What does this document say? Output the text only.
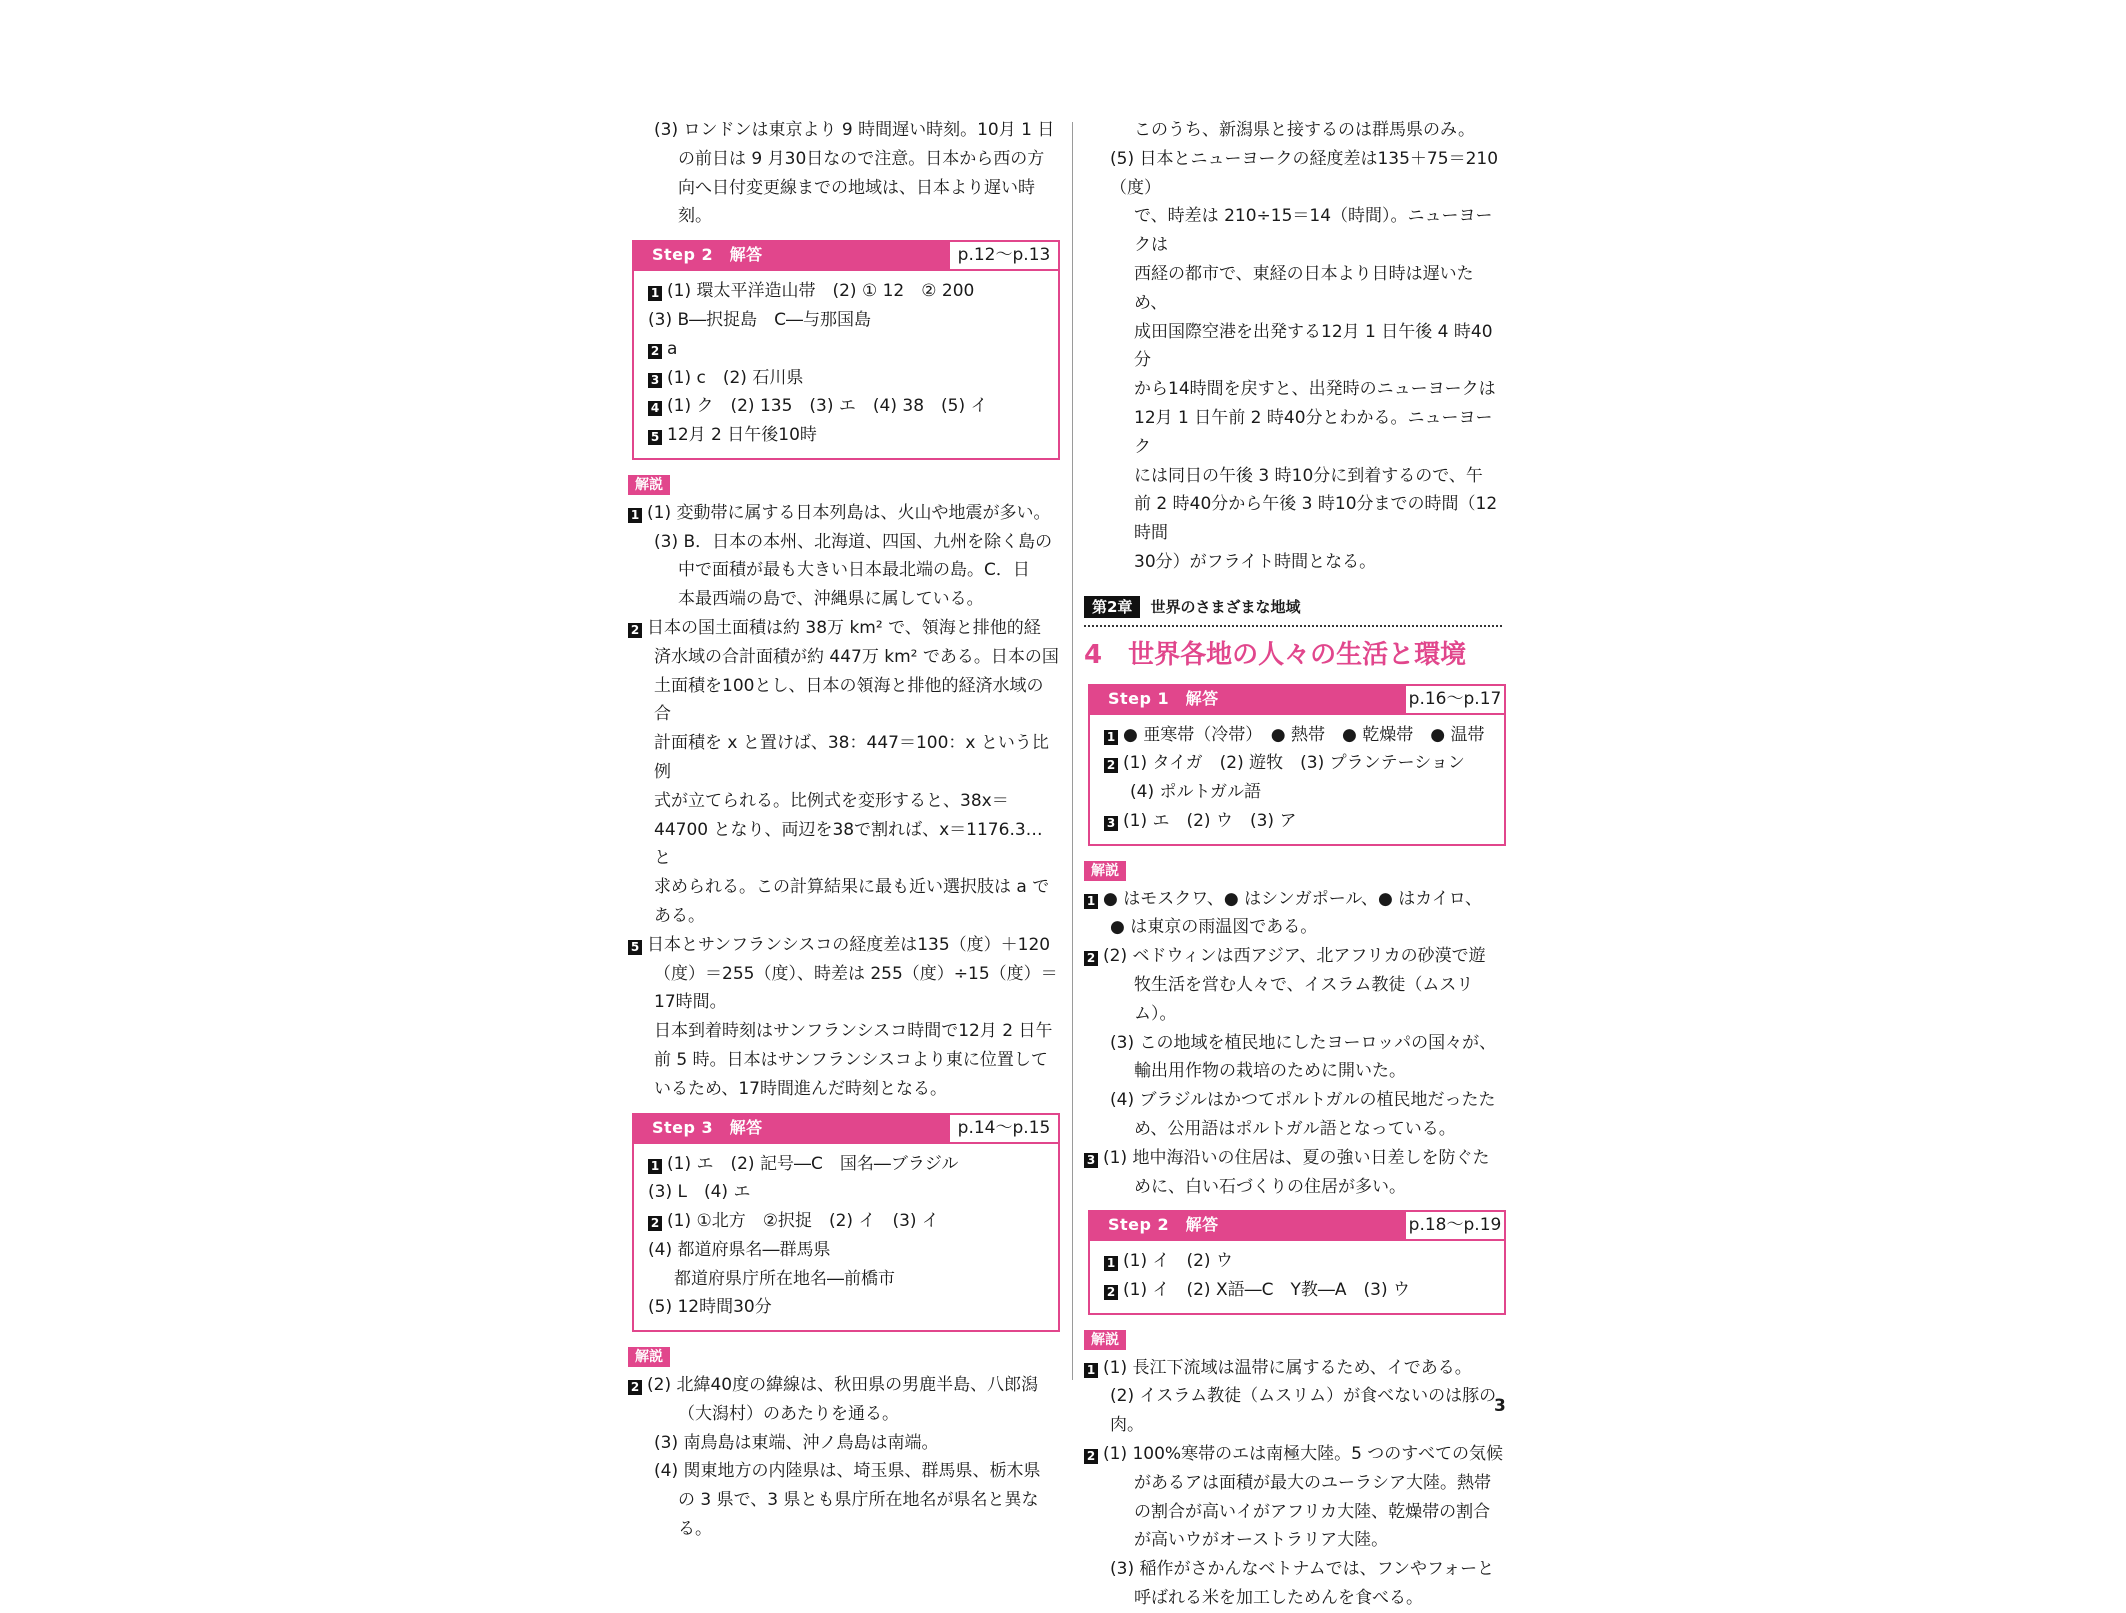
(3) ロンドンは東京より 9 時間遅い時刻。10月 1 日

の前日は 9 月30日なので注意。日本から西の方

向へ日付変更線までの地域は、日本より遅い時刻。

Step 2　解答	p.12〜p.13

1 (1) 環太平洋造山帯　(2) ① 12　② 200

(3) B―択捉島　C―与那国島

2 a

3 (1) c　(2) 石川県

4 (1) ク　(2) 135　(3) エ　(4) 38　(5) イ

5 12月 2 日午後10時

解説

1 (1) 変動帯に属する日本列島は、火山や地震が多い。

(3) B．日本の本州、北海道、四国、九州を除く島の

中で面積が最も大きい日本最北端の島。C．日

本最西端の島で、沖縄県に属している。

2 日本の国土面積は約 38万 km² で、領海と排他的経

済水域の合計面積が約 447万 km² である。日本の国

土面積を100とし、日本の領海と排他的経済水域の合

計面積を x と置けば、38：447＝100：x という比例

式が立てられる。比例式を変形すると、38x＝

44700 となり、両辺を38で割れば、x＝1176.3… と

求められる。この計算結果に最も近い選択肢は a で

ある。

5 日本とサンフランシスコの経度差は135（度）＋120

（度）＝255（度）、時差は 255（度）÷15（度）＝17時間。

日本到着時刻はサンフランシスコ時間で12月 2 日午

前 5 時。日本はサンフランシスコより東に位置して

いるため、17時間進んだ時刻となる。

Step 3　解答	p.14〜p.15

1 (1) エ　(2) 記号―C　国名―ブラジル

(3) L　(4) エ

2 (1) ①北方　②択捉　(2) イ　(3) イ

(4) 都道府県名―群馬県

都道府県庁所在地名―前橋市

(5) 12時間30分

解説

2 (2) 北緯40度の緯線は、秋田県の男鹿半島、八郎潟

（大潟村）のあたりを通る。

(3) 南鳥島は東端、沖ノ鳥島は南端。

(4) 関東地方の内陸県は、埼玉県、群馬県、栃木県

の 3 県で、3 県とも県庁所在地名が県名と異なる。

このうち、新潟県と接するのは群馬県のみ。

(5) 日本とニューヨークの経度差は135＋75＝210（度）

で、時差は 210÷15＝14（時間）。ニューヨークは

西経の都市で、東経の日本より日時は遅いため、

成田国際空港を出発する12月 1 日午後 4 時40分

から14時間を戻すと、出発時のニューヨークは

12月 1 日午前 2 時40分とわかる。ニューヨーク

には同日の午後 3 時10分に到着するので、午

前 2 時40分から午後 3 時10分までの時間（12時間

30分）がフライト時間となる。

第2章	世界のさまざまな地域
4　世界各地の人々の生活と環境
Step 1　解答	p.16〜p.17

1 ● 亜寒帯（冷帯）　● 熱帯　● 乾燥帯　● 温帯

2 (1) タイガ　(2) 遊牧　(3) プランテーション

(4) ポルトガル語

3 (1) エ　(2) ウ　(3) ア

解説

1 ● はモスクワ、● はシンガポール、● はカイロ、

● は東京の雨温図である。

2 (2) ベドウィンは西アジア、北アフリカの砂漠で遊

牧生活を営む人々で、イスラム教徒（ムスリム）。

(3) この地域を植民地にしたヨーロッパの国々が、

輸出用作物の栽培のために開いた。

(4) ブラジルはかつてポルトガルの植民地だったた

め、公用語はポルトガル語となっている。

3 (1) 地中海沿いの住居は、夏の強い日差しを防ぐた

めに、白い石づくりの住居が多い。

Step 2　解答	p.18〜p.19

1 (1) イ　(2) ウ

2 (1) イ　(2) X語―C　Y教―A　(3) ウ

解説

1 (1) 長江下流域は温帯に属するため、イである。

(2) イスラム教徒（ムスリム）が食べないのは豚の肉。

2 (1) 100%寒帯のエは南極大陸。5 つのすべての気候

があるアは面積が最大のユーラシア大陸。熱帯

の割合が高いイがアフリカ大陸、乾燥帯の割合

が高いウがオーストラリア大陸。

(3) 稲作がさかんなベトナムでは、フンやフォーと

呼ばれる米を加工しためんを食べる。

3
